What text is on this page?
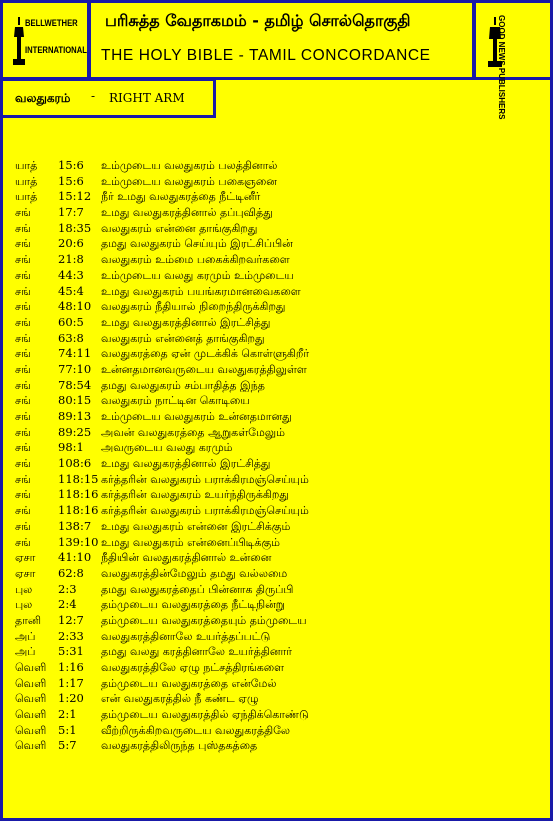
BELLWETHER
INTERNATIONAL
பரிசுத்த வேதாகமம் - தமிழ் சொல்தொகுதி
THE HOLY BIBLE - TAMIL CONCORDANCE	GOOD NEWS PUBLISHERS
வலதுகரம் - RIGHT ARM
யாத் 15:6 உம்முடைய வலதுகரம் பலத்தினால்
யாத் 15:6 உம்முடைய வலதுகரம் பகைஞனை
யாத் 15:12 நீர் உமது வலதுகரத்தை நீட்டினீர்
சங் 17:7 உமது வலதுகரத்தினால் தப்புவித்து
சங் 18:35 வலதுகரம் என்னை தாங்குகிறது
சங் 20:6 தமது வலதுகரம் செய்யும் இரட்சிப்பின்
சங் 21:8 வலதுகரம் உம்மை பகைக்கிறவர்களை
சங் 44:3 உம்முடைய வலது கரமும் உம்முடைய
சங் 45:4 உமது வலதுகரம் பயங்கரமானவைகளை
சங் 48:10 வலதுகரம் நீதியால் நிறைந்திருக்கிறது
சங் 60:5 உமது வலதுகரத்தினால் இரட்சித்து
சங் 63:8 வலதுகரம் என்னைத் தாங்குகிறது
சங் 74:11 வலதுகரத்தை ஏன் முடக்கிக் கொள்ளுகிறீர்
சங் 77:10 உன்னதமானவருடைய வலதுகரத்திலுள்ள
சங் 78:54 தமது வலதுகரம் சம்பாதித்த இந்த
சங் 80:15 வலதுகரம் நாட்டின கொடியை
சங் 89:13 உம்முடைய வலதுகரம் உன்னதமானது
சங் 89:25 அவன் வலதுகரத்தை ஆறுகள்மேலும்
சங் 98:1 அவருடைய வலது கரமும்
சங் 108:6 உமது வலதுகரத்தினால் இரட்சித்து
சங் 118:15 கர்த்தரின் வலதுகரம் பராக்கிரமஞ்செய்யும்
சங் 118:16 கர்த்தரின் வலதுகரம் உயர்ந்திருக்கிறது
சங் 118:16 கர்த்தரின் வலதுகரம் பராக்கிரமஞ்செய்யும்
சங் 138:7 உமது வலதுகரம் என்னை இரட்சிக்கும்
சங் 139:10 உமது வலதுகரம் என்னைப்பிடிக்கும்
ஏசா 41:10 நீதியின் வலதுகரத்தினால் உன்னை
ஏசா 62:8 வலதுகரத்தின்மேலும் தமது வல்லமை
புல 2:3 தமது வலதுகரத்தைப் பின்னாக திருப்பி
புல 2:4 தம்முடைய வலதுகரத்தை நீட்டிநின்று
தானி 12:7 தம்முடைய வலதுகரத்தையும் தம்முடைய
அப் 2:33 வலதுகரத்தினாலே உயர்த்தப்பட்டு
அப் 5:31 தமது வலது கரத்தினாலே உயர்த்தினார்
வெளி 1:16 வலதுகரத்திலே ஏழு நட்சத்திரங்களை
வெளி 1:17 தம்முடைய வலதுகரத்தை என்மேல்
வெளி 1:20 என் வலதுகரத்தில் நீ கண்ட ஏழு
வெளி 2:1 தம்முடைய வலதுகரத்தில் ஏந்திக்கொண்டு
வெளி 5:1 வீற்றிருக்கிறவருடைய வலதுகரத்திலே
வெளி 5:7 வலதுகரத்திலிருந்த புஸ்தகத்தை
